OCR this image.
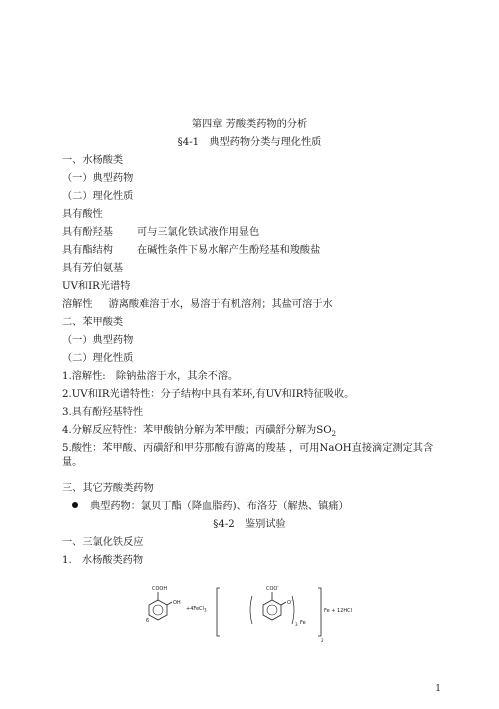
第四章 芳酸类药物的分析
§4-1　典型药物分类与理化性质
一、水杨酸类
（一）典型药物
（二）理化性质
具有酸性
具有酚羟基 可与三氯化铁试液作用显色
具有酯结构 在碱性条件下易水解产生酚羟基和羧酸盐
具有芳伯氨基
UV和IR光谱特
溶解性 游离酸难溶于水，易溶于有机溶剂；其盐可溶于水
二、苯甲酸类
（一）典型药物
（二）理化性质
1.溶解性:　除钠盐溶于水，其余不溶。
2.UV和IR光谱特性：分子结构中具有苯环,有UV和IR特征吸收。
3.具有酚羟基特性
4.分解反应特性：苯甲酸钠分解为苯甲酸；丙磺舒分解为$SO_2$
5.酸性：苯甲酸、丙磺舒和甲芬那酸有游离的羧基 ，可用NaOH直接滴定测定其含量。
三、其它芳酸类药物
典型药物：氯贝丁酯（降血脂药)、布洛芬（解热、镇痛）
§4-2　鉴别试验
一、三氯化铁反应
1.　水杨酸类药物
6
COOH
OH
+4FeCl$_3$
COO-
O-
3 Fe
Fe + 12HCl
2
1
